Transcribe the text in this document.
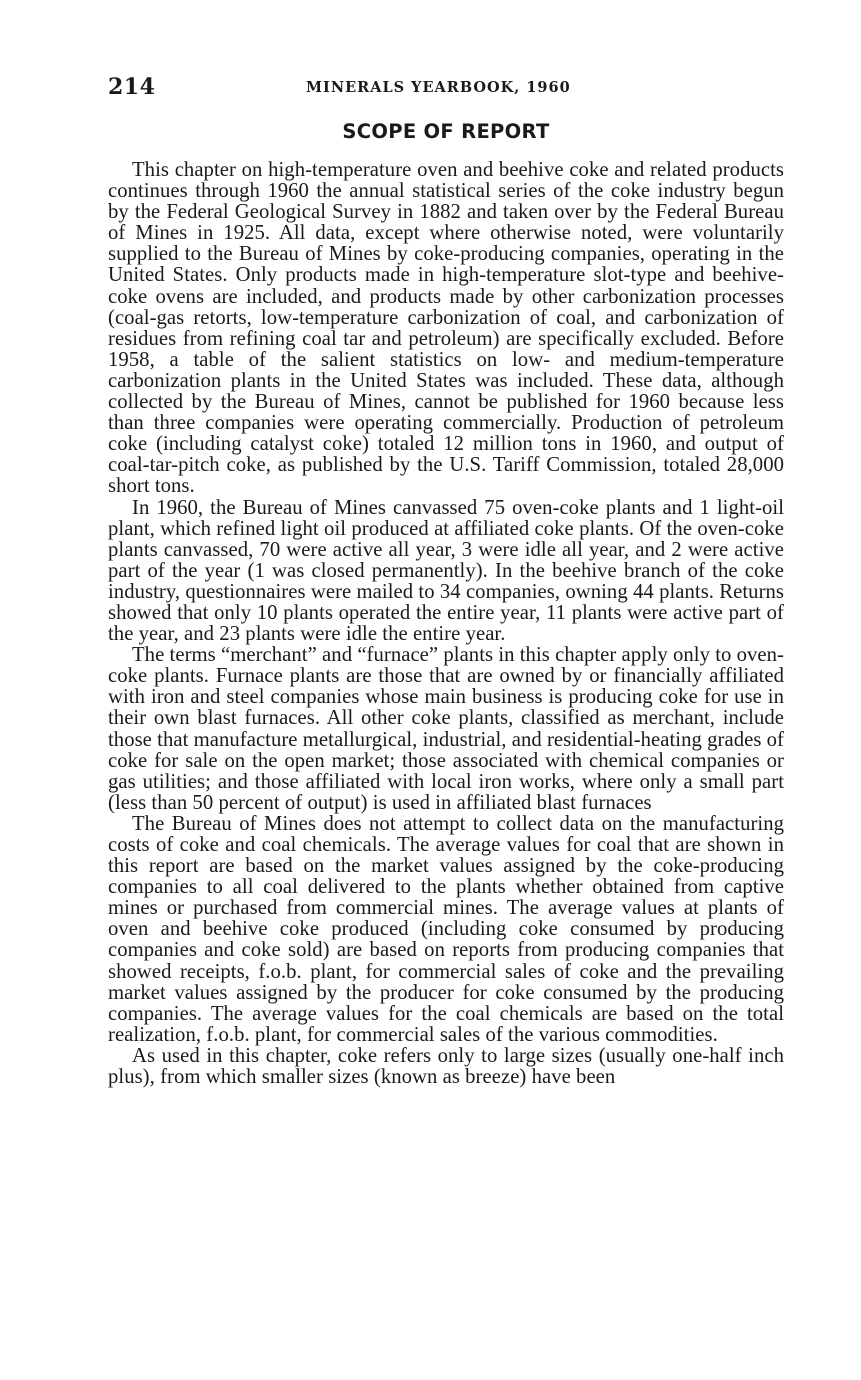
214	MINERALS YEARBOOK, 1960
SCOPE OF REPORT

This chapter on high-temperature oven and beehive coke and related products continues through 1960 the annual statistical series of the coke industry begun by the Federal Geological Survey in 1882 and taken over by the Federal Bureau of Mines in 1925. All data, except where otherwise noted, were voluntarily supplied to the Bureau of Mines by coke-producing companies, operating in the United States. Only products made in high-temperature slot-type and beehive-coke ovens are included, and products made by other carbonization processes (coal-gas retorts, low-temperature carbonization of coal, and carbonization of residues from refining coal tar and petroleum) are specifically excluded. Before 1958, a table of the salient statistics on low- and medium-temperature carbonization plants in the United States was included. These data, although collected by the Bureau of Mines, cannot be published for 1960 because less than three companies were operating commercially. Production of petroleum coke (including catalyst coke) totaled 12 million tons in 1960, and output of coal-tar-pitch coke, as published by the U.S. Tariff Commission, totaled 28,000 short tons.

In 1960, the Bureau of Mines canvassed 75 oven-coke plants and 1 light-oil plant, which refined light oil produced at affiliated coke plants. Of the oven-coke plants canvassed, 70 were active all year, 3 were idle all year, and 2 were active part of the year (1 was closed permanently). In the beehive branch of the coke industry, questionnaires were mailed to 34 companies, owning 44 plants. Returns showed that only 10 plants operated the entire year, 11 plants were active part of the year, and 23 plants were idle the entire year.

The terms “merchant” and “furnace” plants in this chapter apply only to oven-coke plants. Furnace plants are those that are owned by or financially affiliated with iron and steel companies whose main business is producing coke for use in their own blast furnaces. All other coke plants, classified as merchant, include those that manufacture metallurgical, industrial, and residential-heating grades of coke for sale on the open market; those associated with chemical companies or gas utilities; and those affiliated with local iron works, where only a small part (less than 50 percent of output) is used in affiliated blast furnaces

The Bureau of Mines does not attempt to collect data on the manufacturing costs of coke and coal chemicals. The average values for coal that are shown in this report are based on the market values assigned by the coke-producing companies to all coal delivered to the plants whether obtained from captive mines or purchased from commercial mines. The average values at plants of oven and beehive coke produced (including coke consumed by producing companies and coke sold) are based on reports from producing companies that showed receipts, f.o.b. plant, for commercial sales of coke and the prevailing market values assigned by the producer for coke consumed by the producing companies. The average values for the coal chemicals are based on the total realization, f.o.b. plant, for commercial sales of the various commodities.

As used in this chapter, coke refers only to large sizes (usually one-half inch plus), from which smaller sizes (known as breeze) have been
